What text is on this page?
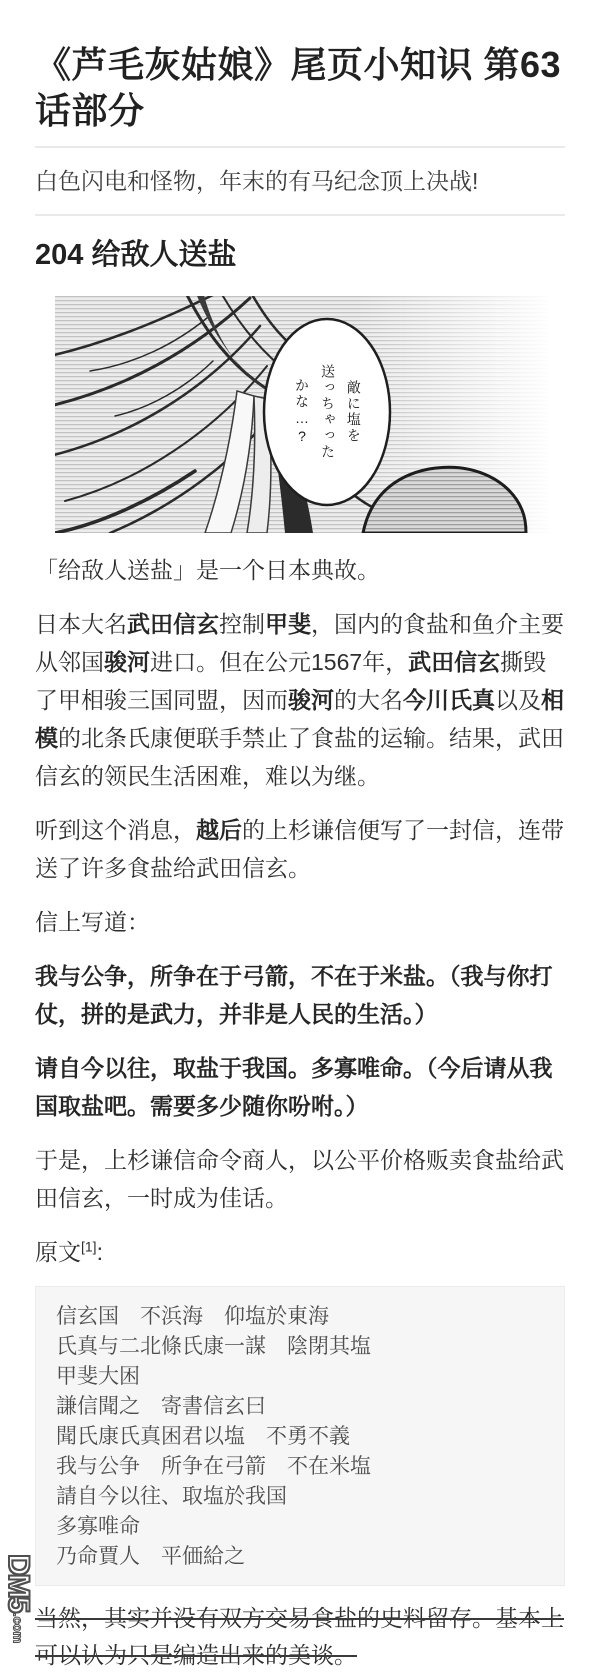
《芦毛灰姑娘》尾页小知识 第63话部分

白色闪电和怪物，年末的有马纪念顶上决战!

204 给敌人送盐
敵に塩を
送っちゃった
かな…?

「给敌人送盐」是一个日本典故。

日本大名武田信玄控制甲斐，国内的食盐和鱼介主要从邻国骏河进口。但在公元1567年，武田信玄撕毁了甲相骏三国同盟，因而骏河的大名今川氏真以及相模的北条氏康便联手禁止了食盐的运输。结果，武田信玄的领民生活困难，难以为继。

听到这个消息，越后的上杉谦信便写了一封信，连带送了许多食盐给武田信玄。

信上写道：

我与公争，所争在于弓箭，不在于米盐。（我与你打仗，拼的是武力，并非是人民的生活。）

请自今以往，取盐于我国。多寡唯命。（今后请从我国取盐吧。需要多少随你吩咐。）

于是，上杉谦信命令商人，以公平价格贩卖食盐给武田信玄，一时成为佳话。

原文[1]:

信玄国　不浜海　仰塩於東海
氏真与二北條氏康一謀　陰閉其塩
甲斐大困
謙信聞之　寄書信玄曰
聞氏康氏真困君以塩　不勇不義
我与公争　所争在弓箭　不在米塩
請自今以往、取塩於我国
多寡唯命
乃命賈人　平価給之

当然，其实并没有双方交易食盐的史料留存。基本上可以认为只是编造出来的美谈。

DM5
.com
